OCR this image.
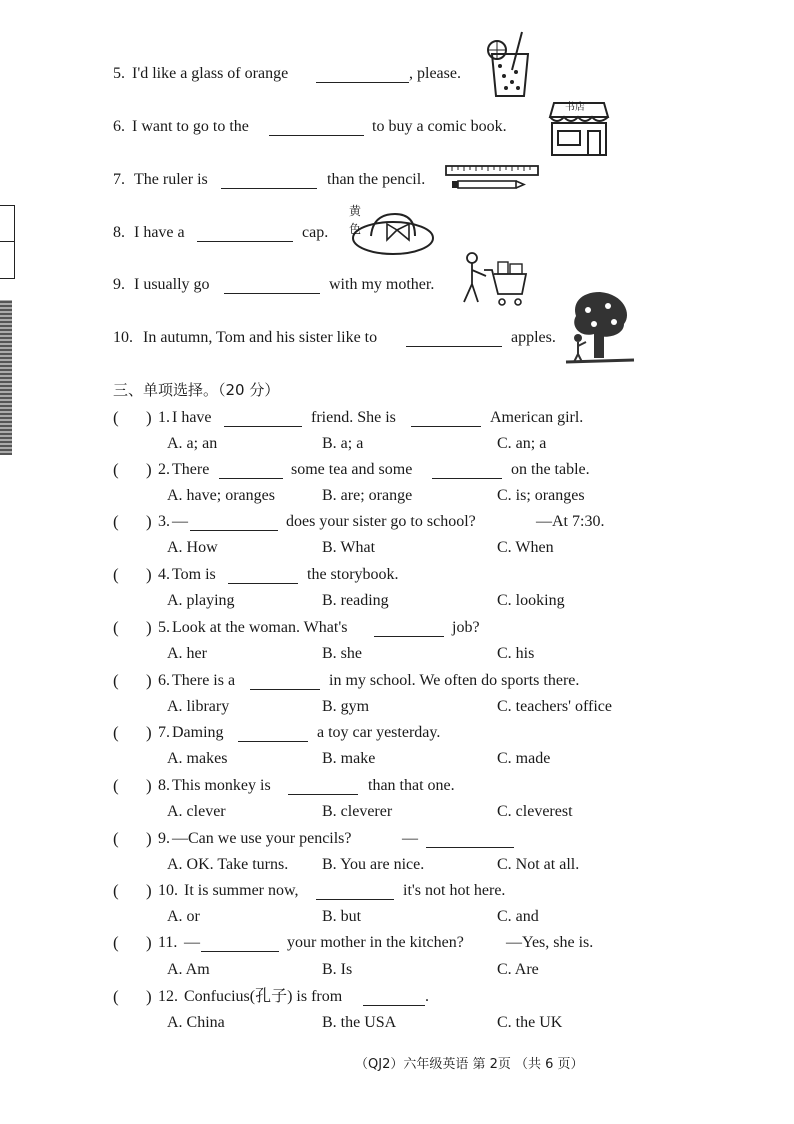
5. I'd like a glass of orange	, please.
6. I want to go to the	to buy a comic book.
书店
7. The ruler is	than the pencil.
8. I have a	cap.
黄色
9. I usually go	with my mother.
10. In autumn, Tom and his sister like to	apples.
三、单项选择。（20 分）
( ) 1. I have	friend. She is	American girl.
A. a; an	B. a; a	C. an; a
( ) 2. There	some tea and some	on the table.
A. have; oranges	B. are; orange	C. is; oranges
( ) 3. —	does your sister go to school?	—At 7:30.
A. How	B. What	C. When
( ) 4. Tom is	the storybook.
A. playing	B. reading	C. looking
( ) 5. Look at the woman. What's	job?
A. her	B. she	C. his
( ) 6. There is a	in my school. We often do sports there.
A. library	B. gym	C. teachers' office
( ) 7. Daming	a toy car yesterday.
A. makes	B. make	C. made
( ) 8. This monkey is	than that one.
A. clever	B. cleverer	C. cleverest
( ) 9. —Can we use your pencils?	—
A. OK. Take turns. B. You are nice.	C. Not at all.
( ) 10. It is summer now,	it's not hot here.
A. or	B. but	C. and
( ) 11. —	your mother in the kitchen?	—Yes, she is.
A. Am	B. Is	C. Are
( ) 12. Confucius(孔子) is from	.
A. China	B. the USA	C. the UK
（QJ2）六年级英语 第 2页 （共 6 页）
